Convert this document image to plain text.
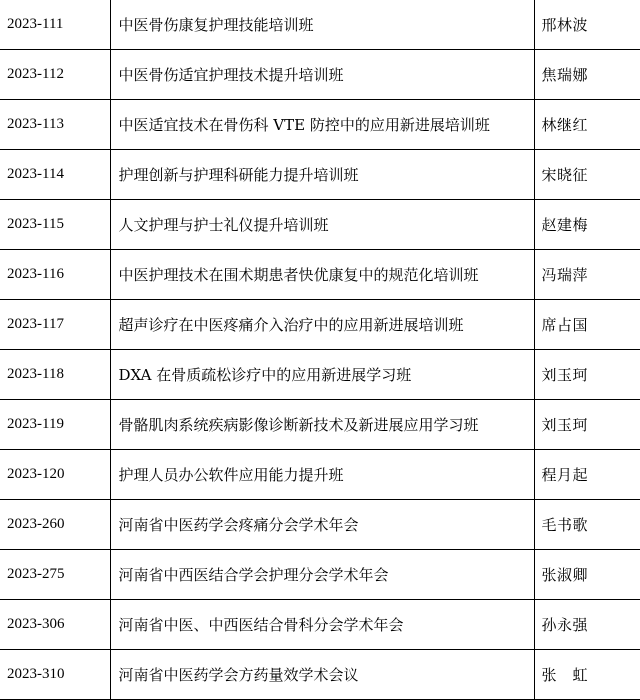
2023-111	中医骨伤康复护理技能培训班	邢林波
2023-112	中医骨伤适宜护理技术提升培训班	焦瑞娜
2023-113	中医适宜技术在骨伤科 VTE 防控中的应用新进展培训班	林继红
2023-114	护理创新与护理科研能力提升培训班	宋晓征
2023-115	人文护理与护士礼仪提升培训班	赵建梅
2023-116	中医护理技术在围术期患者快优康复中的规范化培训班	冯瑞萍
2023-117	超声诊疗在中医疼痛介入治疗中的应用新进展培训班	席占国
2023-118	DXA 在骨质疏松诊疗中的应用新进展学习班	刘玉珂
2023-119	骨骼肌肉系统疾病影像诊断新技术及新进展应用学习班	刘玉珂
2023-120	护理人员办公软件应用能力提升班	程月起
2023-260	河南省中医药学会疼痛分会学术年会	毛书歌
2023-275	河南省中西医结合学会护理分会学术年会	张淑卿
2023-306	河南省中医、中西医结合骨科分会学术年会	孙永强
2023-310	河南省中医药学会方药量效学术会议	张　虹
